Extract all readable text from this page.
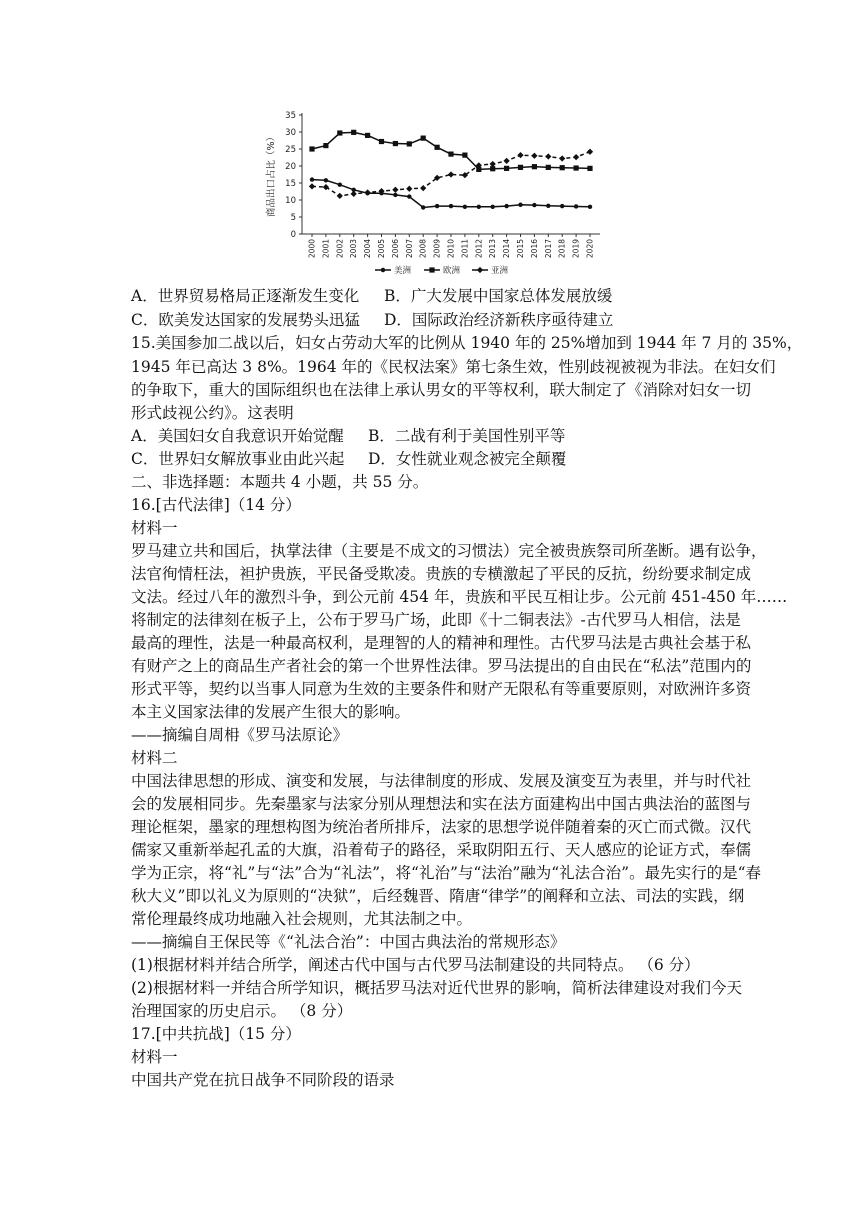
0
5
10
15
20
25
30
35
2000 2001 2002 2003 2004 2005 2006 2007 2008 2009 2010 2011 2012 2013 2014 2015 2016 2017 2018 2019 2020
商品出口占比（%）
美洲	欧洲	亚洲
A．世界贸易格局正逐渐发生变化 B．广大发展中国家总体发展放缓
C．欧美发达国家的发展势头迅猛 D．国际政治经济新秩序亟待建立
15.美国参加二战以后，妇女占劳动大军的比例从 1940 年的 25%增加到 1944 年 7 月的 35%，
1945 年已高达 3 8%。1964 年的《民权法案》第七条生效，性别歧视被视为非法。在妇女们
的争取下，重大的国际组织也在法律上承认男女的平等权利，联大制定了《消除对妇女一切
形式歧视公约》。这表明
A．美国妇女自我意识开始觉醒 B．二战有利于美国性别平等
C．世界妇女解放事业由此兴起 D．女性就业观念被完全颠覆
二、非选择题：本题共 4 小题，共 55 分。
16.[古代法律]（14 分）
材料一
罗马建立共和国后，执掌法律（主要是不成文的习惯法）完全被贵族祭司所垄断。遇有讼争，
法官徇情枉法，袒护贵族，平民备受欺凌。贵族的专横激起了平民的反抗，纷纷要求制定成
文法。经过八年的激烈斗争，到公元前 454 年，贵族和平民互相让步。公元前 451-450 年……
将制定的法律刻在板子上，公布于罗马广场，此即《十二铜表法》-古代罗马人相信，法是
最高的理性，法是一种最高权利，是理智的人的精神和理性。古代罗马法是古典社会基于私
有财产之上的商品生产者社会的第一个世界性法律。罗马法提出的自由民在“私法”范围内的
形式平等，契约以当事人同意为生效的主要条件和财产无限私有等重要原则，对欧洲许多资
本主义国家法律的发展产生很大的影响。
——摘编自周枏《罗马法原论》
材料二
中国法律思想的形成、演变和发展，与法律制度的形成、发展及演变互为表里，并与时代社
会的发展相同步。先秦墨家与法家分别从理想法和实在法方面建构出中国古典法治的蓝图与
理论框架，墨家的理想构图为统治者所排斥，法家的思想学说伴随着秦的灭亡而式微。汉代
儒家又重新举起孔孟的大旗，沿着荀子的路径，采取阴阳五行、天人感应的论证方式，奉儒
学为正宗，将“礼”与“法”合为“礼法”，将“礼治”与“法治”融为“礼法合治”。最先实行的是“春
秋大义”即以礼义为原则的“决狱”，后经魏晋、隋唐“律学”的阐释和立法、司法的实践，纲
常伦理最终成功地融入社会规则，尤其法制之中。
——摘编自王保民等《“礼法合治”：中国古典法治的常规形态》
(1)根据材料并结合所学，阐述古代中国与古代罗马法制建设的共同特点。 （6 分）
(2)根据材料一并结合所学知识，概括罗马法对近代世界的影响，简析法律建设对我们今天
治理国家的历史启示。 （8 分）
17.[中共抗战]（15 分）
材料一
中国共产党在抗日战争不同阶段的语录
